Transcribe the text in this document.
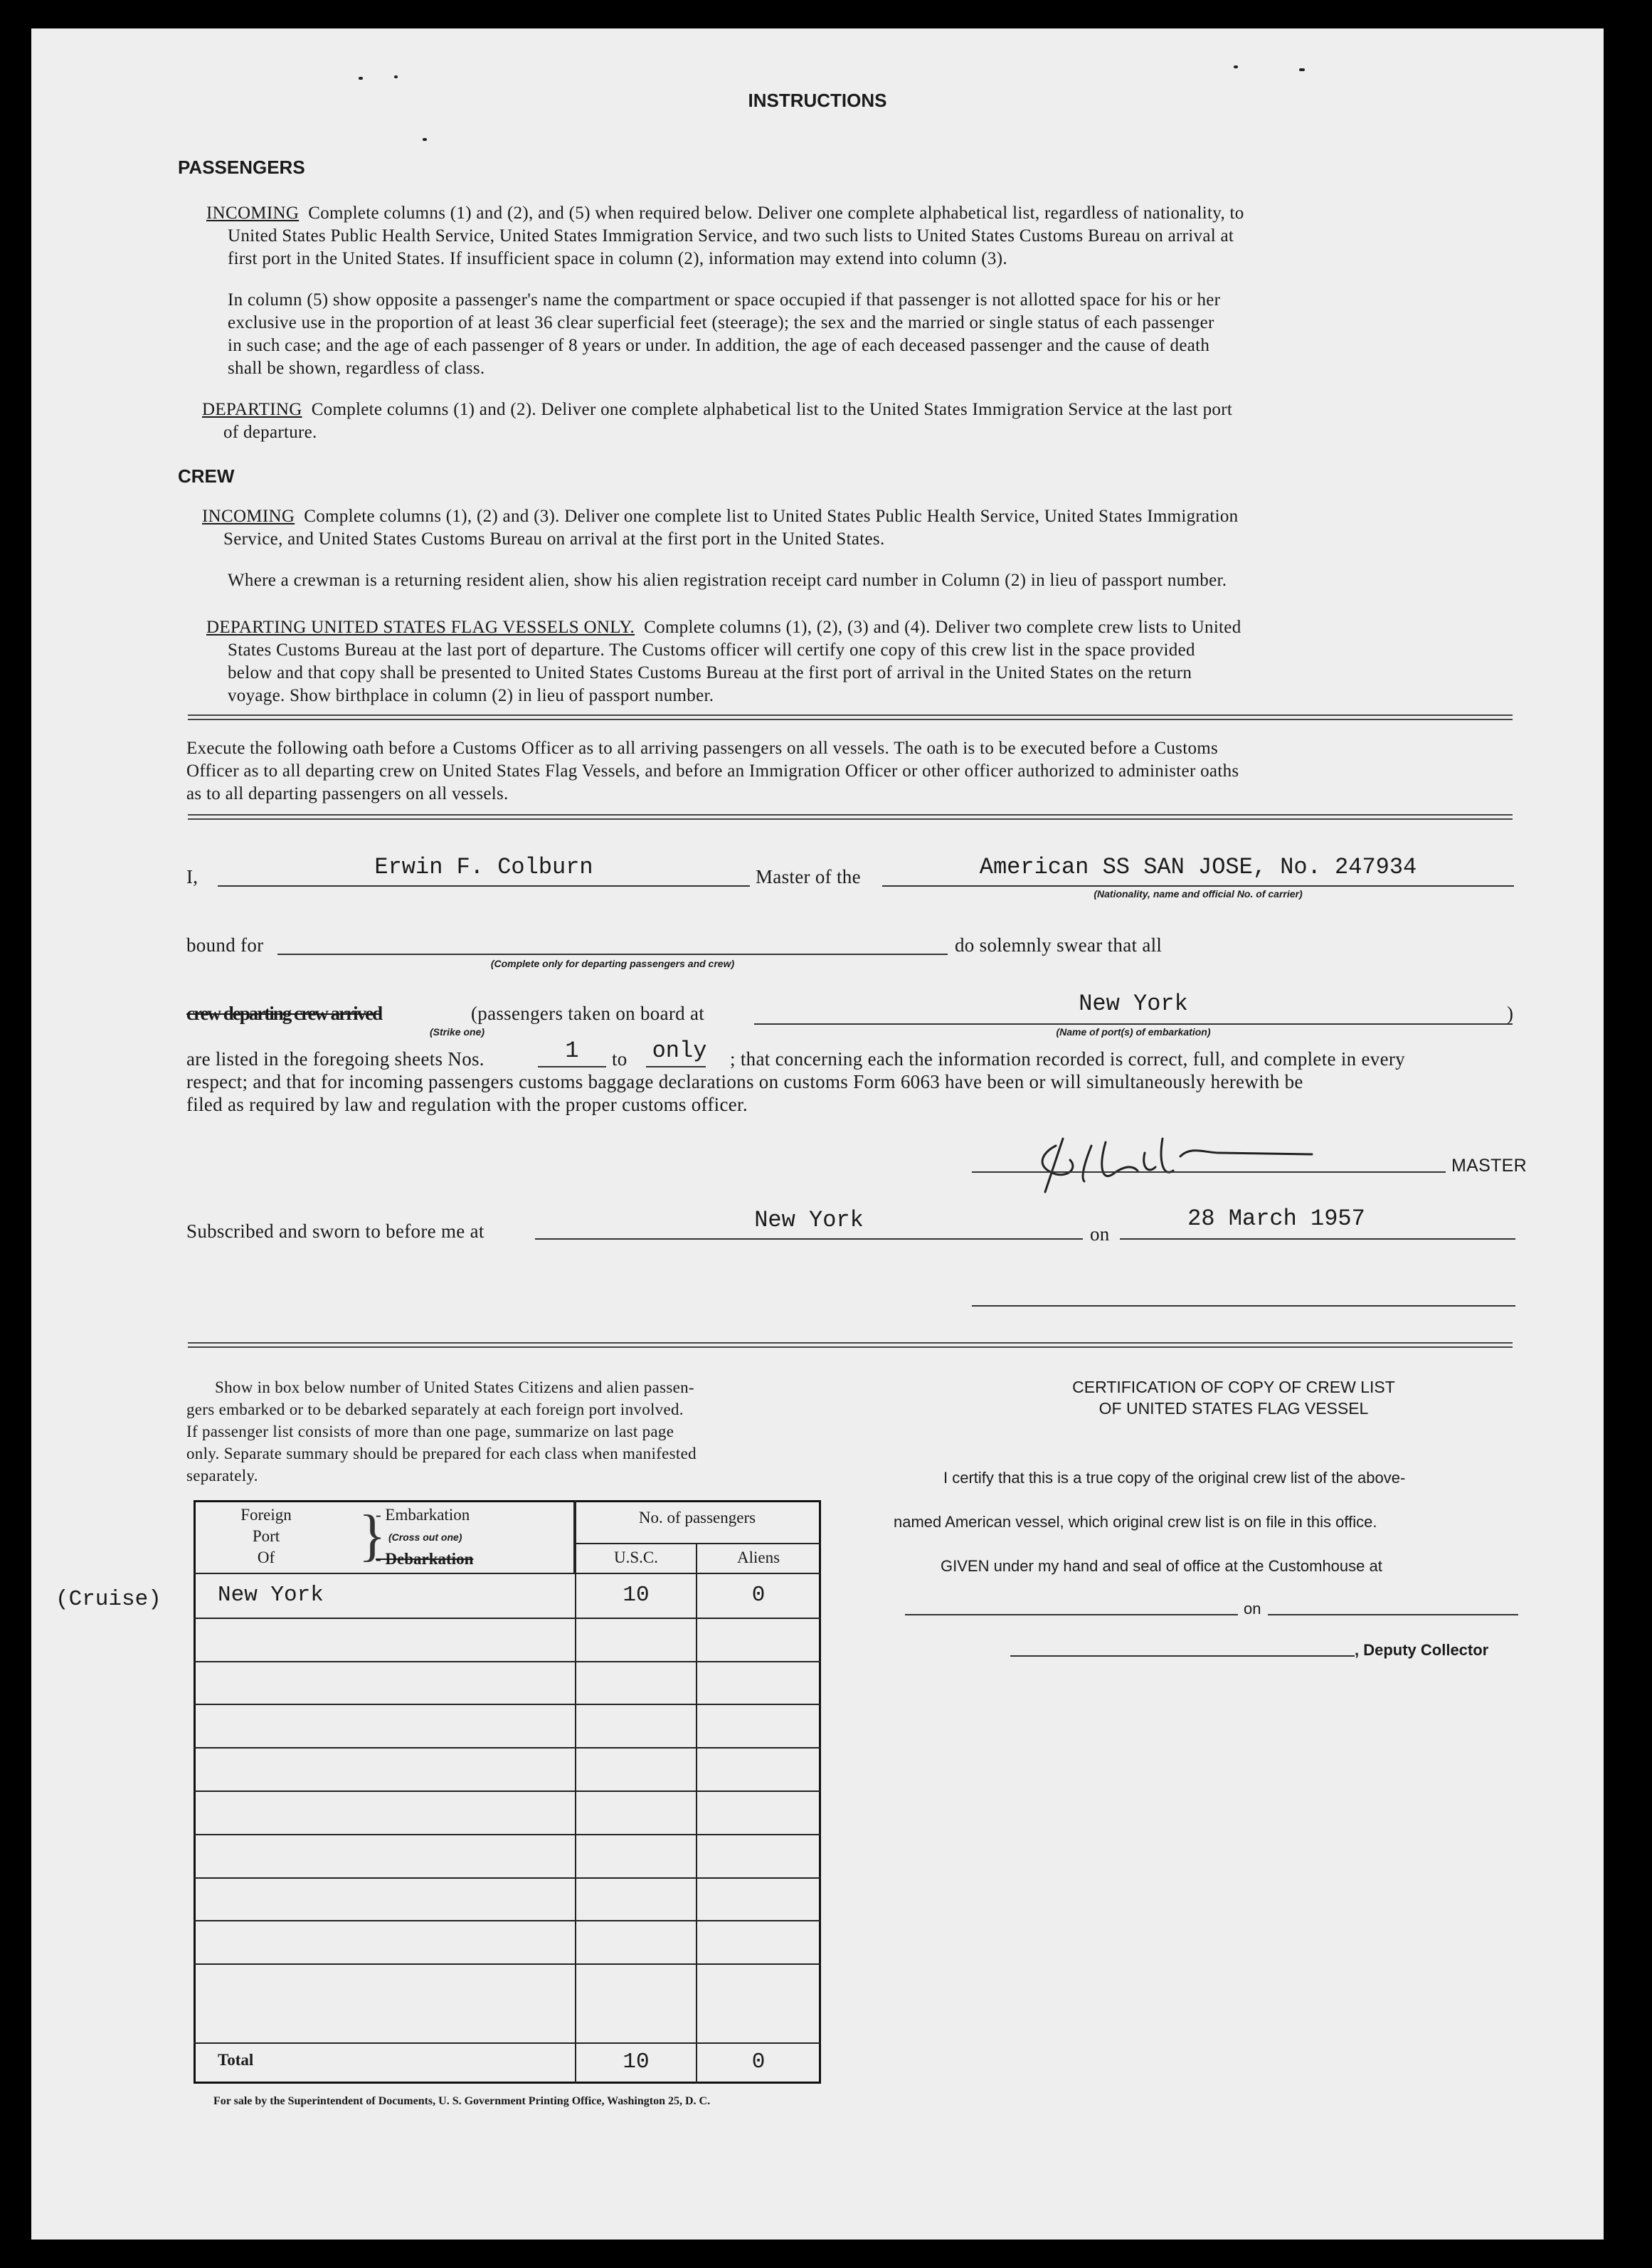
INSTRUCTIONS
PASSENGERS
INCOMING Complete columns (1) and (2), and (5) when required below. Deliver one complete alphabetical list, regardless of nationality, to
United States Public Health Service, United States Immigration Service, and two such lists to United States Customs Bureau on arrival at
first port in the United States. If insufficient space in column (2), information may extend into column (3).
In column (5) show opposite a passenger's name the compartment or space occupied if that passenger is not allotted space for his or her
exclusive use in the proportion of at least 36 clear superficial feet (steerage); the sex and the married or single status of each passenger
in such case; and the age of each passenger of 8 years or under. In addition, the age of each deceased passenger and the cause of death
shall be shown, regardless of class.
DEPARTING Complete columns (1) and (2). Deliver one complete alphabetical list to the United States Immigration Service at the last port
of departure.
CREW
INCOMING Complete columns (1), (2) and (3). Deliver one complete list to United States Public Health Service, United States Immigration
Service, and United States Customs Bureau on arrival at the first port in the United States.
Where a crewman is a returning resident alien, show his alien registration receipt card number in Column (2) in lieu of passport number.
DEPARTING UNITED STATES FLAG VESSELS ONLY. Complete columns (1), (2), (3) and (4). Deliver two complete crew lists to United
States Customs Bureau at the last port of departure. The Customs officer will certify one copy of this crew list in the space provided
below and that copy shall be presented to United States Customs Bureau at the first port of arrival in the United States on the return
voyage. Show birthplace in column (2) in lieu of passport number.
Execute the following oath before a Customs Officer as to all arriving passengers on all vessels. The oath is to be executed before a Customs
Officer as to all departing crew on United States Flag Vessels, and before an Immigration Officer or other officer authorized to administer oaths
as to all departing passengers on all vessels.
I,	Erwin F. Colburn	Master of the	American SS SAN JOSE, No. 247934
(Nationality, name and official No. of carrier)
bound for	do solemnly swear that all
(Complete only for departing passengers and crew)
crew departing crew arrived	(passengers taken on board at
(Strike one)
New York	)
(Name of port(s) of embarkation)
are listed in the foregoing sheets Nos.	1	to	only	; that concerning each the information recorded is correct, full, and complete in every
respect; and that for incoming passengers customs baggage declarations on customs Form 6063 have been or will simultaneously herewith be
filed as required by law and regulation with the proper customs officer.
MASTER
Subscribed and sworn to before me at	New York
on
28 March 1957
Show in box below number of United States Citizens and alien passen-
gers embarked or to be debarked separately at each foreign port involved.
If passenger list consists of more than one page, summarize on last page
only. Separate summary should be prepared for each class when manifested
separately.
(Cruise)
Foreign
Port
Of	}
- Embarkation
(Cross out one)
- Debarkation
	No. of passengers
U.S.C.	Aliens
New York	10	0
Total	10	0
For sale by the Superintendent of Documents, U. S. Government Printing Office, Washington 25, D. C.
CERTIFICATION OF COPY OF CREW LIST
OF UNITED STATES FLAG VESSEL
I certify that this is a true copy of the original crew list of the above-
named American vessel, which original crew list is on file in this office.
GIVEN under my hand and seal of office at the Customhouse at
on
, Deputy Collector
